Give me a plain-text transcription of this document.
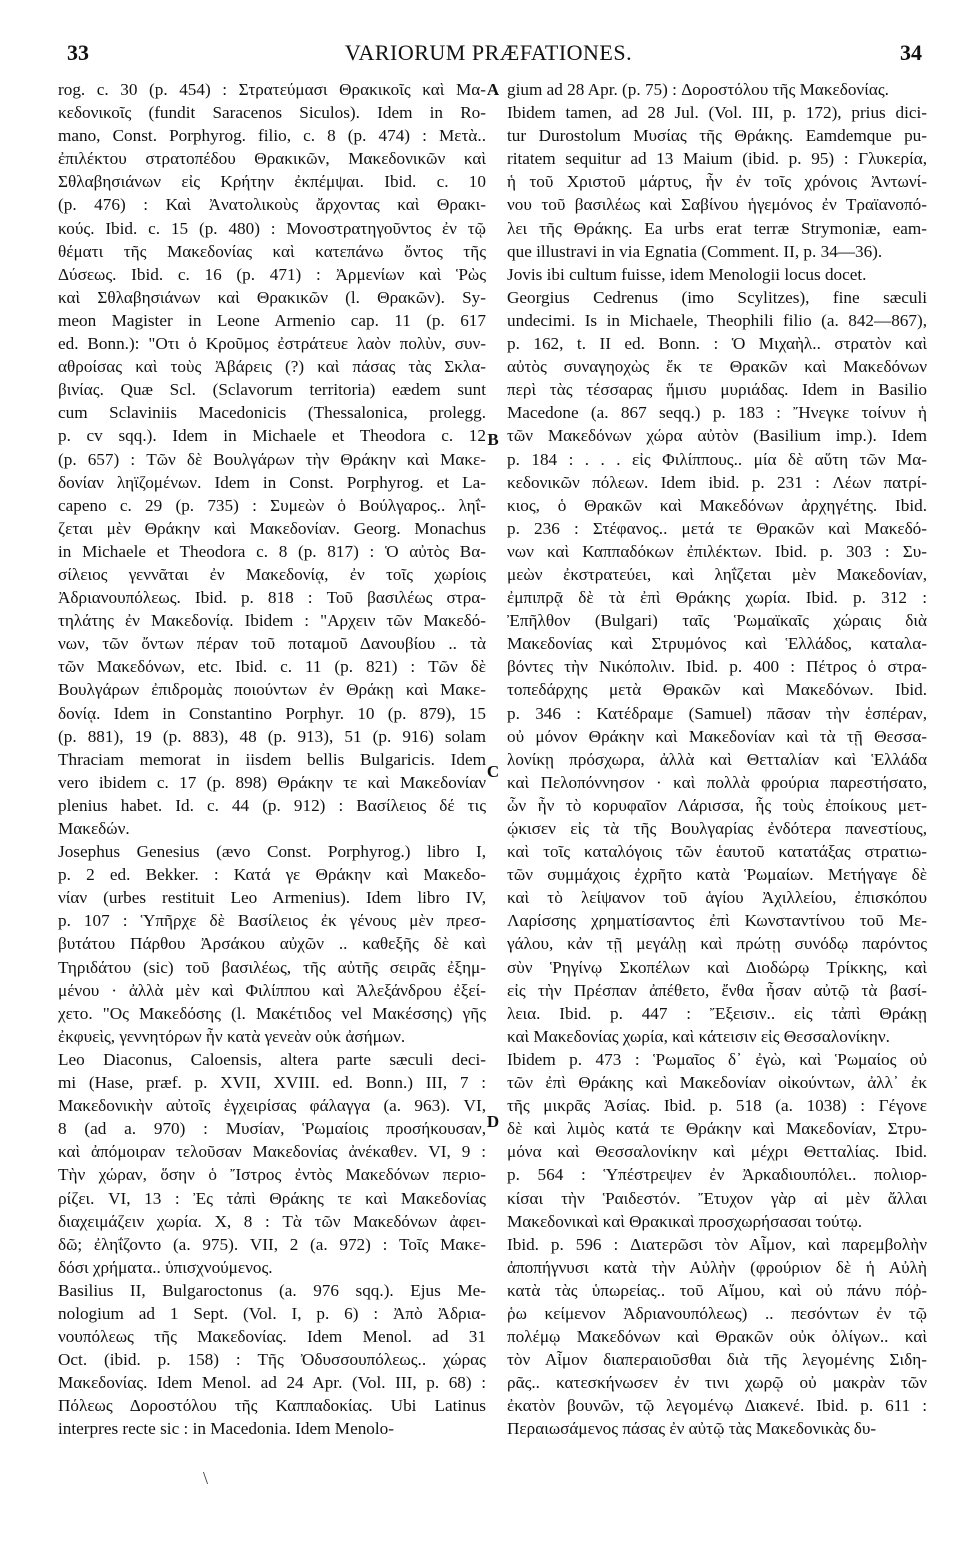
33	VARIORUM PRÆFATIONES.	34
rog. c. 30 (p. 454) : Στρατεύμασι Θρακικοῖς καὶ Μα-
κεδονικοῖς (fundit Saracenos Siculos). Idem in Ro-
mano, Const. Porphyrog. filio, c. 8 (p. 474) : Μετὰ..
ἐπιλέκτου στρατοπέδου Θρακικῶν, Μακεδονικῶν καὶ
Σθλαβησιάνων εἰς Κρήτην ἐκπέμψαι. Ibid. c. 10
(p. 476) : Καὶ Ἀνατολικοὺς ἄρχοντας καὶ Θρακι-
κούς. Ibid. c. 15 (p. 480) : Μονοστρατηγοῦντος ἐν τῷ
θέματι τῆς Μακεδονίας καὶ κατεπάνω ὄντος τῆς
Δύσεως. Ibid. c. 16 (p. 471) : Ἀρμενίων καὶ Ῥὼς
καὶ Σθλαβησιάνων καὶ Θρακικῶν (l. Θρακῶν). Sy-
meon Magister in Leone Armenio cap. 11 (p. 617
ed. Bonn.): "Οτι ὁ Κροῦμος ἐστράτευε λαὸν πολὺν, συν-
αθροίσας καὶ τοὺς Ἀβάρεις (?) καὶ πάσας τὰς Σκλα-
βινίας. Quæ Scl. (Sclavorum territoria) eædem sunt
cum Sclaviniis Macedonicis (Thessalonica, prolegg.
p. cv sqq.). Idem in Michaele et Theodora c. 12
(p. 657) : Τῶν δὲ Βουλγάρων τὴν Θράκην καὶ Μακε-
δονίαν ληϊζομένων. Idem in Const. Porphyrog. et La-
capeno c. 29 (p. 735) : Συμεὼν ὁ Βούλγαρος.. ληΐ-
ζεται μὲν Θράκην καὶ Μακεδονίαν. Georg. Monachus
in Michaele et Theodora c. 8 (p. 817) : Ὁ αὐτὸς Βα-
σίλειος γεννᾶται ἐν Μακεδονίᾳ, ἐν τοῖς χωρίοις
Ἀδριανουπόλεως. Ibid. p. 818 : Τοῦ βασιλέως στρα-
τηλάτης ἐν Μακεδονίᾳ. Ibidem : "Αρχειν τῶν Μακεδό-
νων, τῶν ὄντων πέραν τοῦ ποταμοῦ Δανουβίου .. τὰ
τῶν Μακεδόνων, etc. Ibid. c. 11 (p. 821) : Τῶν δὲ
Βουλγάρων ἐπιδρομὰς ποιούντων ἐν Θράκῃ καὶ Μακε-
δονίᾳ. Idem in Constantino Porphyr. 10 (p. 879), 15
(p. 881), 19 (p. 883), 48 (p. 913), 51 (p. 916) solam
Thraciam memorat in iisdem bellis Bulgaricis. Idem
vero ibidem c. 17 (p. 898) Θράκην τε καὶ Μακεδονίαν
plenius habet. Id. c. 44 (p. 912) : Βασίλειος δέ τις
Μακεδών.
Josephus Genesius (ævo Const. Porphyrog.) libro I,
p. 2 ed. Bekker. : Κατά γε Θράκην καὶ Μακεδο-
νίαν (urbes restituit Leo Armenius). Idem libro IV,
p. 107 : Ὑπῆρχε δὲ Βασίλειος ἐκ γένους μὲν πρεσ-
βυτάτου Πάρθου Ἀρσάκου αὐχῶν .. καθεξῆς δὲ καὶ
Τηριδάτου (sic) τοῦ βασιλέως, τῆς αὐτῆς σειρᾶς ἐξημ-
μένου · ἀλλὰ μὲν καὶ Φιλίππου καὶ Ἀλεξάνδρου ἐξεί-
χετο. "Ος Μακεδόσης (l. Μακέτιδος vel Μακέσσης) γῆς
ἐκφυεὶς, γεννητόρων ἦν κατὰ γενεὰν οὐκ ἀσήμων.
Leo Diaconus, Caloensis, altera parte sæculi deci-
mi (Hase, præf. p. XVII, XVIII. ed. Bonn.) III, 7 :
Μακεδονικὴν αὐτοῖς ἐγχειρίσας φάλαγγα (a. 963). VI,
8 (ad a. 970) : Μυσίαν, Ῥωμαίοις προσήκουσαν,
καὶ ἀπόμοιραν τελοῦσαν Μακεδονίας ἀνέκαθεν. VI, 9 :
Τὴν χώραν, ὅσην ὁ Ἴστρος ἐντὸς Μακεδόνων περιο-
ρίζει. VI, 13 : Ἐς τἀπὶ Θράκης τε καὶ Μακεδονίας
διαχειμάζειν χωρία. X, 8 : Τὰ τῶν Μακεδόνων ἀφει-
δῶ; ἐληΐζοντο (a. 975). VII, 2 (a. 972) : Τοῖς Μακε-
δόσι χρήματα.. ὑπισχνούμενος.
Basilius II, Bulgaroctonus (a. 976 sqq.). Ejus Me-
nologium ad 1 Sept. (Vol. I, p. 6) : Ἀπὸ Ἀδρια-
νουπόλεως τῆς Μακεδονίας. Idem Menol. ad 31
Oct. (ibid. p. 158) : Τῆς Ὀδυσσουπόλεως.. χώρας
Μακεδονίας. Idem Menol. ad 24 Apr. (Vol. III, p. 68) :
Πόλεως Δοροστόλου τῆς Καππαδοκίας. Ubi Latinus
interpres recte sic : in Macedonia. Idem Menolo-
gium ad 28 Apr. (p. 75) : Δοροστόλου τῆς Μακεδονίας.
Ibidem tamen, ad 28 Jul. (Vol. III, p. 172), prius dici-
tur Durostolum Μυσίας τῆς Θράκης. Eamdemque pu-
ritatem sequitur ad 13 Maium (ibid. p. 95) : Γλυκερία,
ἡ τοῦ Χριστοῦ μάρτυς, ἦν ἐν τοῖς χρόνοις Ἀντωνί-
νου τοῦ βασιλέως καὶ Σαβίνου ἡγεμόνος ἐν Τραϊανοπό-
λει τῆς Θράκης. Ea urbs erat terræ Strymoniæ, eam-
que illustravi in via Egnatia (Comment. II, p. 34—36).
Jovis ibi cultum fuisse, idem Menologii locus docet.
Georgius Cedrenus (imo Scylitzes), fine sæculi
undecimi. Is in Michaele, Theophili filio (a. 842—867),
p. 162, t. II ed. Bonn. : Ὁ Μιχαὴλ.. στρατὸν καὶ
αὐτὸς συναγηοχὼς ἔκ τε Θρακῶν καὶ Μακεδόνων
περὶ τὰς τέσσαρας ἥμισυ μυριάδας. Idem in Basilio
Macedone (a. 867 seqq.) p. 183 : Ἤνεγκε τοίνυν ἡ
τῶν Μακεδόνων χώρα αὐτὸν (Basilium imp.). Idem
p. 184 : . . . εἰς Φιλίππους.. μία δὲ αὕτη τῶν Μα-
κεδονικῶν πόλεων. Idem ibid. p. 231 : Λέων πατρί-
κιος, ὁ Θρακῶν καὶ Μακεδόνων ἀρχηγέτης. Ibid.
p. 236 : Στέφανος.. μετά τε Θρακῶν καὶ Μακεδό-
νων καὶ Καππαδόκων ἐπιλέκτων. Ibid. p. 303 : Συ-
μεὼν ἐκστρατεύει, καὶ ληΐζεται μὲν Μακεδονίαν,
ἐμπιπρᾷ δὲ τὰ ἐπὶ Θράκης χωρία. Ibid. p. 312 :
Ἐπῆλθον (Bulgari) ταῖς Ῥωμαϊκαῖς χώραις διὰ
Μακεδονίας καὶ Στρυμόνος καὶ Ἑλλάδος, καταλα-
βόντες τὴν Νικόπολιν. Ibid. p. 400 : Πέτρος ὁ στρα-
τοπεδάρχης μετὰ Θρακῶν καὶ Μακεδόνων. Ibid.
p. 346 : Κατέδραμε (Samuel) πᾶσαν τὴν ἑσπέραν,
οὐ μόνον Θράκην καὶ Μακεδονίαν καὶ τὰ τῇ Θεσσα-
λονίκῃ πρόσχωρα, ἀλλὰ καὶ Θετταλίαν καὶ Ἑλλάδα
καὶ Πελοπόννησον · καὶ πολλὰ φρούρια παρεστήσατο,
ὧν ἦν τὸ κορυφαῖον Λάρισσα, ἧς τοὺς ἐποίκους μετ-
ῴκισεν εἰς τὰ τῆς Βουλγαρίας ἐνδότερα πανεστίους,
καὶ τοῖς καταλόγοις τῶν ἑαυτοῦ κατατάξας στρατιω-
τῶν συμμάχοις ἐχρῆτο κατὰ Ῥωμαίων. Μετήγαγε δὲ
καὶ τὸ λείψανον τοῦ ἁγίου Ἀχιλλείου, ἐπισκόπου
Λαρίσσης χρηματίσαντος ἐπὶ Κωνσταντίνου τοῦ Με-
γάλου, κἀν τῇ μεγάλῃ καὶ πρώτῃ συνόδῳ παρόντος
σὺν Ῥηγίνῳ Σκοπέλων καὶ Διοδώρῳ Τρίκκης, καὶ
εἰς τὴν Πρέσπαν ἀπέθετο, ἔνθα ἦσαν αὐτῷ τὰ βασί-
λεια. Ibid. p. 447 : Ἔξεισιν.. εἰς τἀπὶ Θράκῃ
καὶ Μακεδονίας χωρία, καὶ κάτεισιν εἰς Θεσσαλονίκην.
Ibidem p. 473 : Ῥωμαῖος δ᾽ ἐγὼ, καὶ Ῥωμαίος οὐ
τῶν ἐπὶ Θράκης καὶ Μακεδονίαν οἰκούντων, ἀλλ᾽ ἐκ
τῆς μικρᾶς Ἀσίας. Ibid. p. 518 (a. 1038) : Γέγονε
δὲ καὶ λιμὸς κατά τε Θράκην καὶ Μακεδονίαν, Στρυ-
μόνα καὶ Θεσσαλονίκην καὶ μέχρι Θετταλίας. Ibid.
p. 564 : Ὑπέστρεψεν ἐν Ἀρκαδιουπόλει.. πολιορ-
κίσαι τὴν Ῥαιδεστόν. Ἔτυχον γὰρ αἱ μὲν ἄλλαι
Μακεδονικαὶ καὶ Θρακικαὶ προσχωρήσασαι τούτῳ.
Ibid. p. 596 : Διατερῶσι τὸν Αἶμον, καὶ παρεμβολὴν
ἀποπήγνυσι κατὰ τὴν Αὐλὴν (φρούριον δὲ ἡ Αὐλὴ
κατὰ τὰς ὑπωρείας.. τοῦ Αἴμου, καὶ οὐ πάνυ πόῤ-
ῥω κείμενον Ἀδριανουπόλεως) .. πεσόντων ἐν τῷ
πολέμῳ Μακεδόνων καὶ Θρακῶν οὐκ ὀλίγων.. καὶ
τὸν Αἶμον διαπεραιοῦσθαι διὰ τῆς λεγομένης Σιδη-
ρᾶς.. κατεσκήνωσεν ἐν τινι χωρῷ οὐ μακρὰν τῶν
ἐκατὸν βουνῶν, τῷ λεγομένῳ Διακενέ. Ibid. p. 611 :
Περαιωσάμενος πάσας ἐν αὐτῷ τὰς Μακεδονικὰς δυ-
A
B
C
D
\
